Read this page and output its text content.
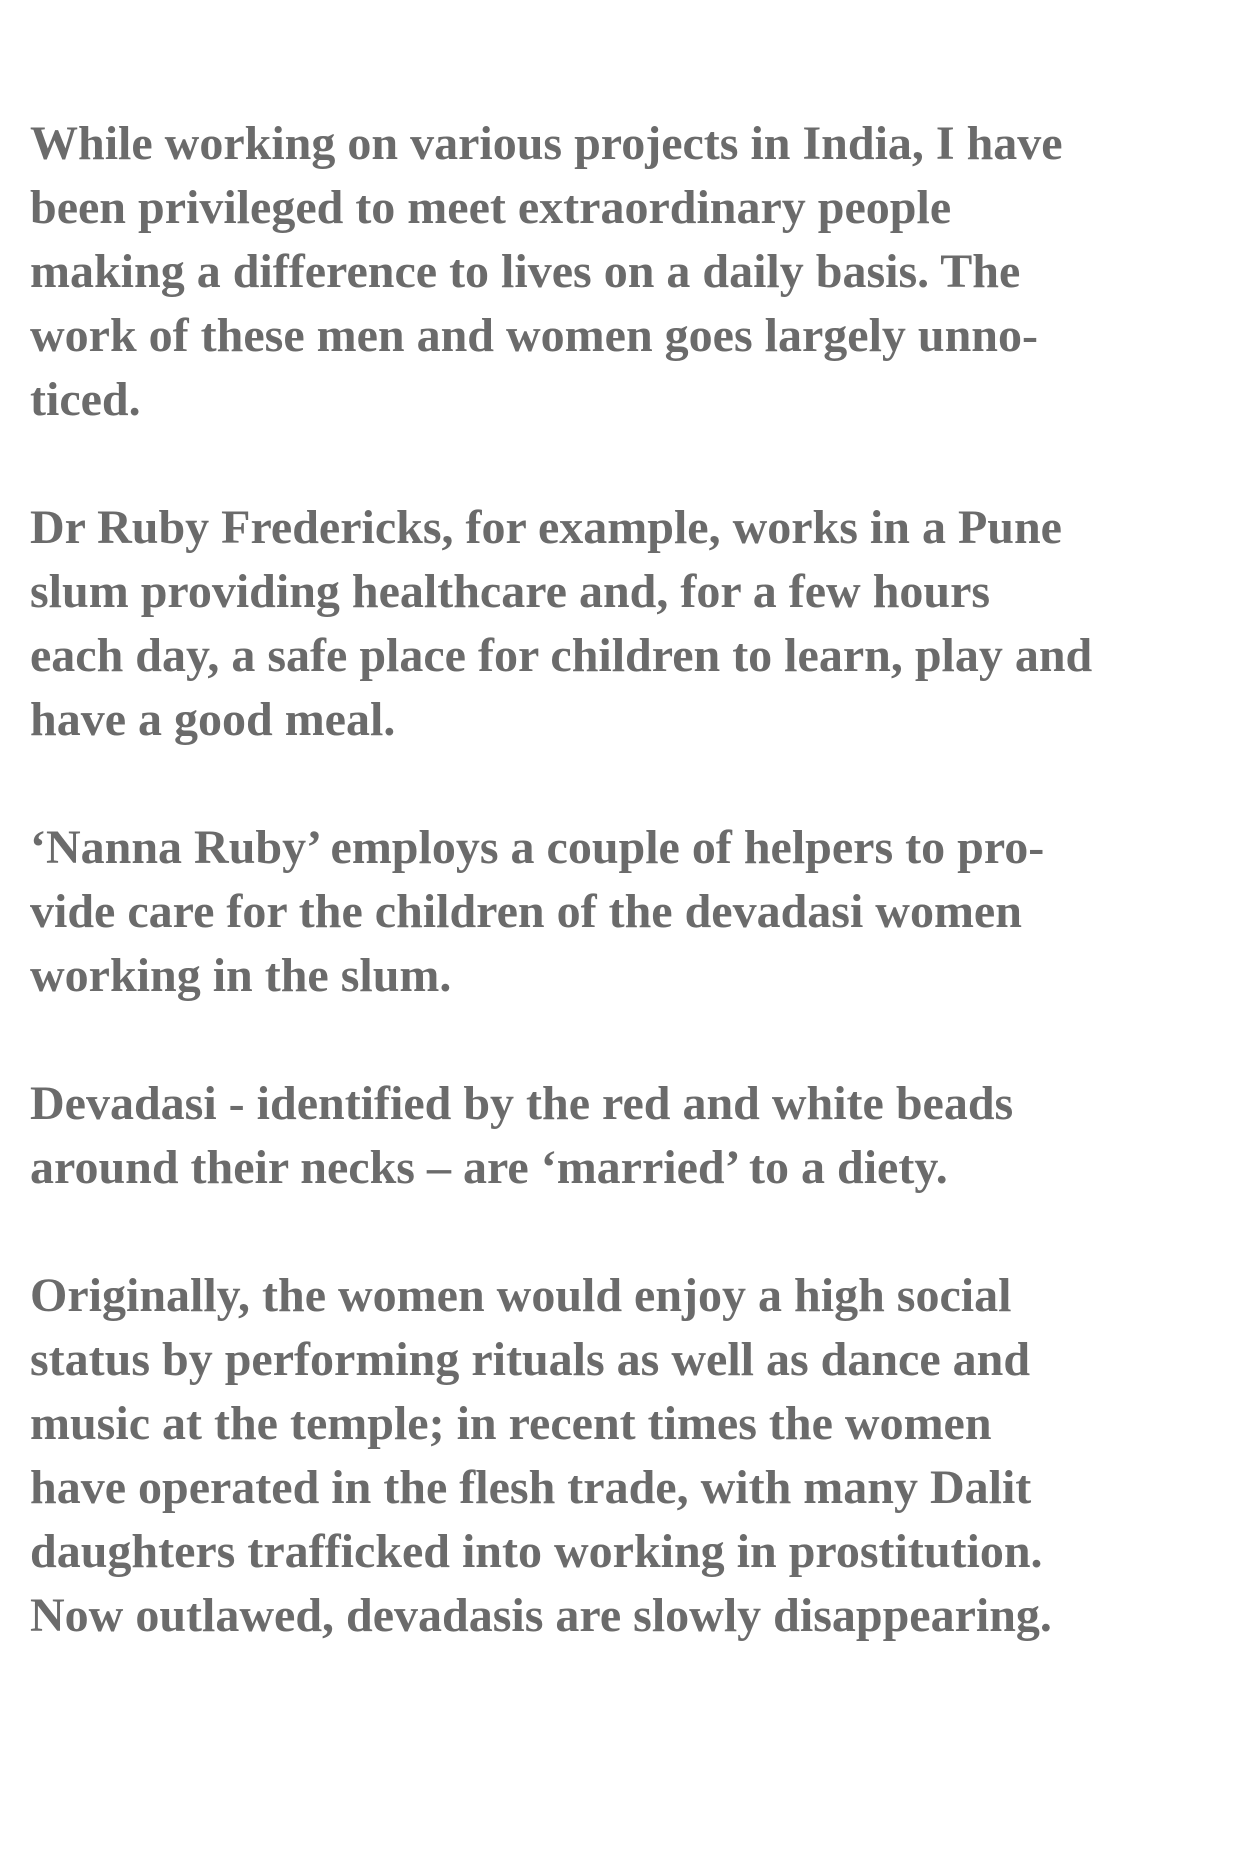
While working on various projects in India, I have
been privileged to meet extraordinary people
making a difference to lives on a daily basis. The
work of these men and women goes largely unno-
ticed.

Dr Ruby Fredericks, for example, works in a Pune
slum providing healthcare and, for a few hours
each day, a safe place for children to learn, play and
have a good meal.

‘Nanna Ruby’ employs a couple of helpers to pro-
vide care for the children of the devadasi women
working in the slum.

Devadasi - identified by the red and white beads
around their necks – are ‘married’ to a diety.

Originally, the women would enjoy a high social
status by performing rituals as well as dance and
music at the temple; in recent times the women
have operated in the flesh trade, with many Dalit
daughters trafficked into working in prostitution.
Now outlawed, devadasis are slowly disappearing.
